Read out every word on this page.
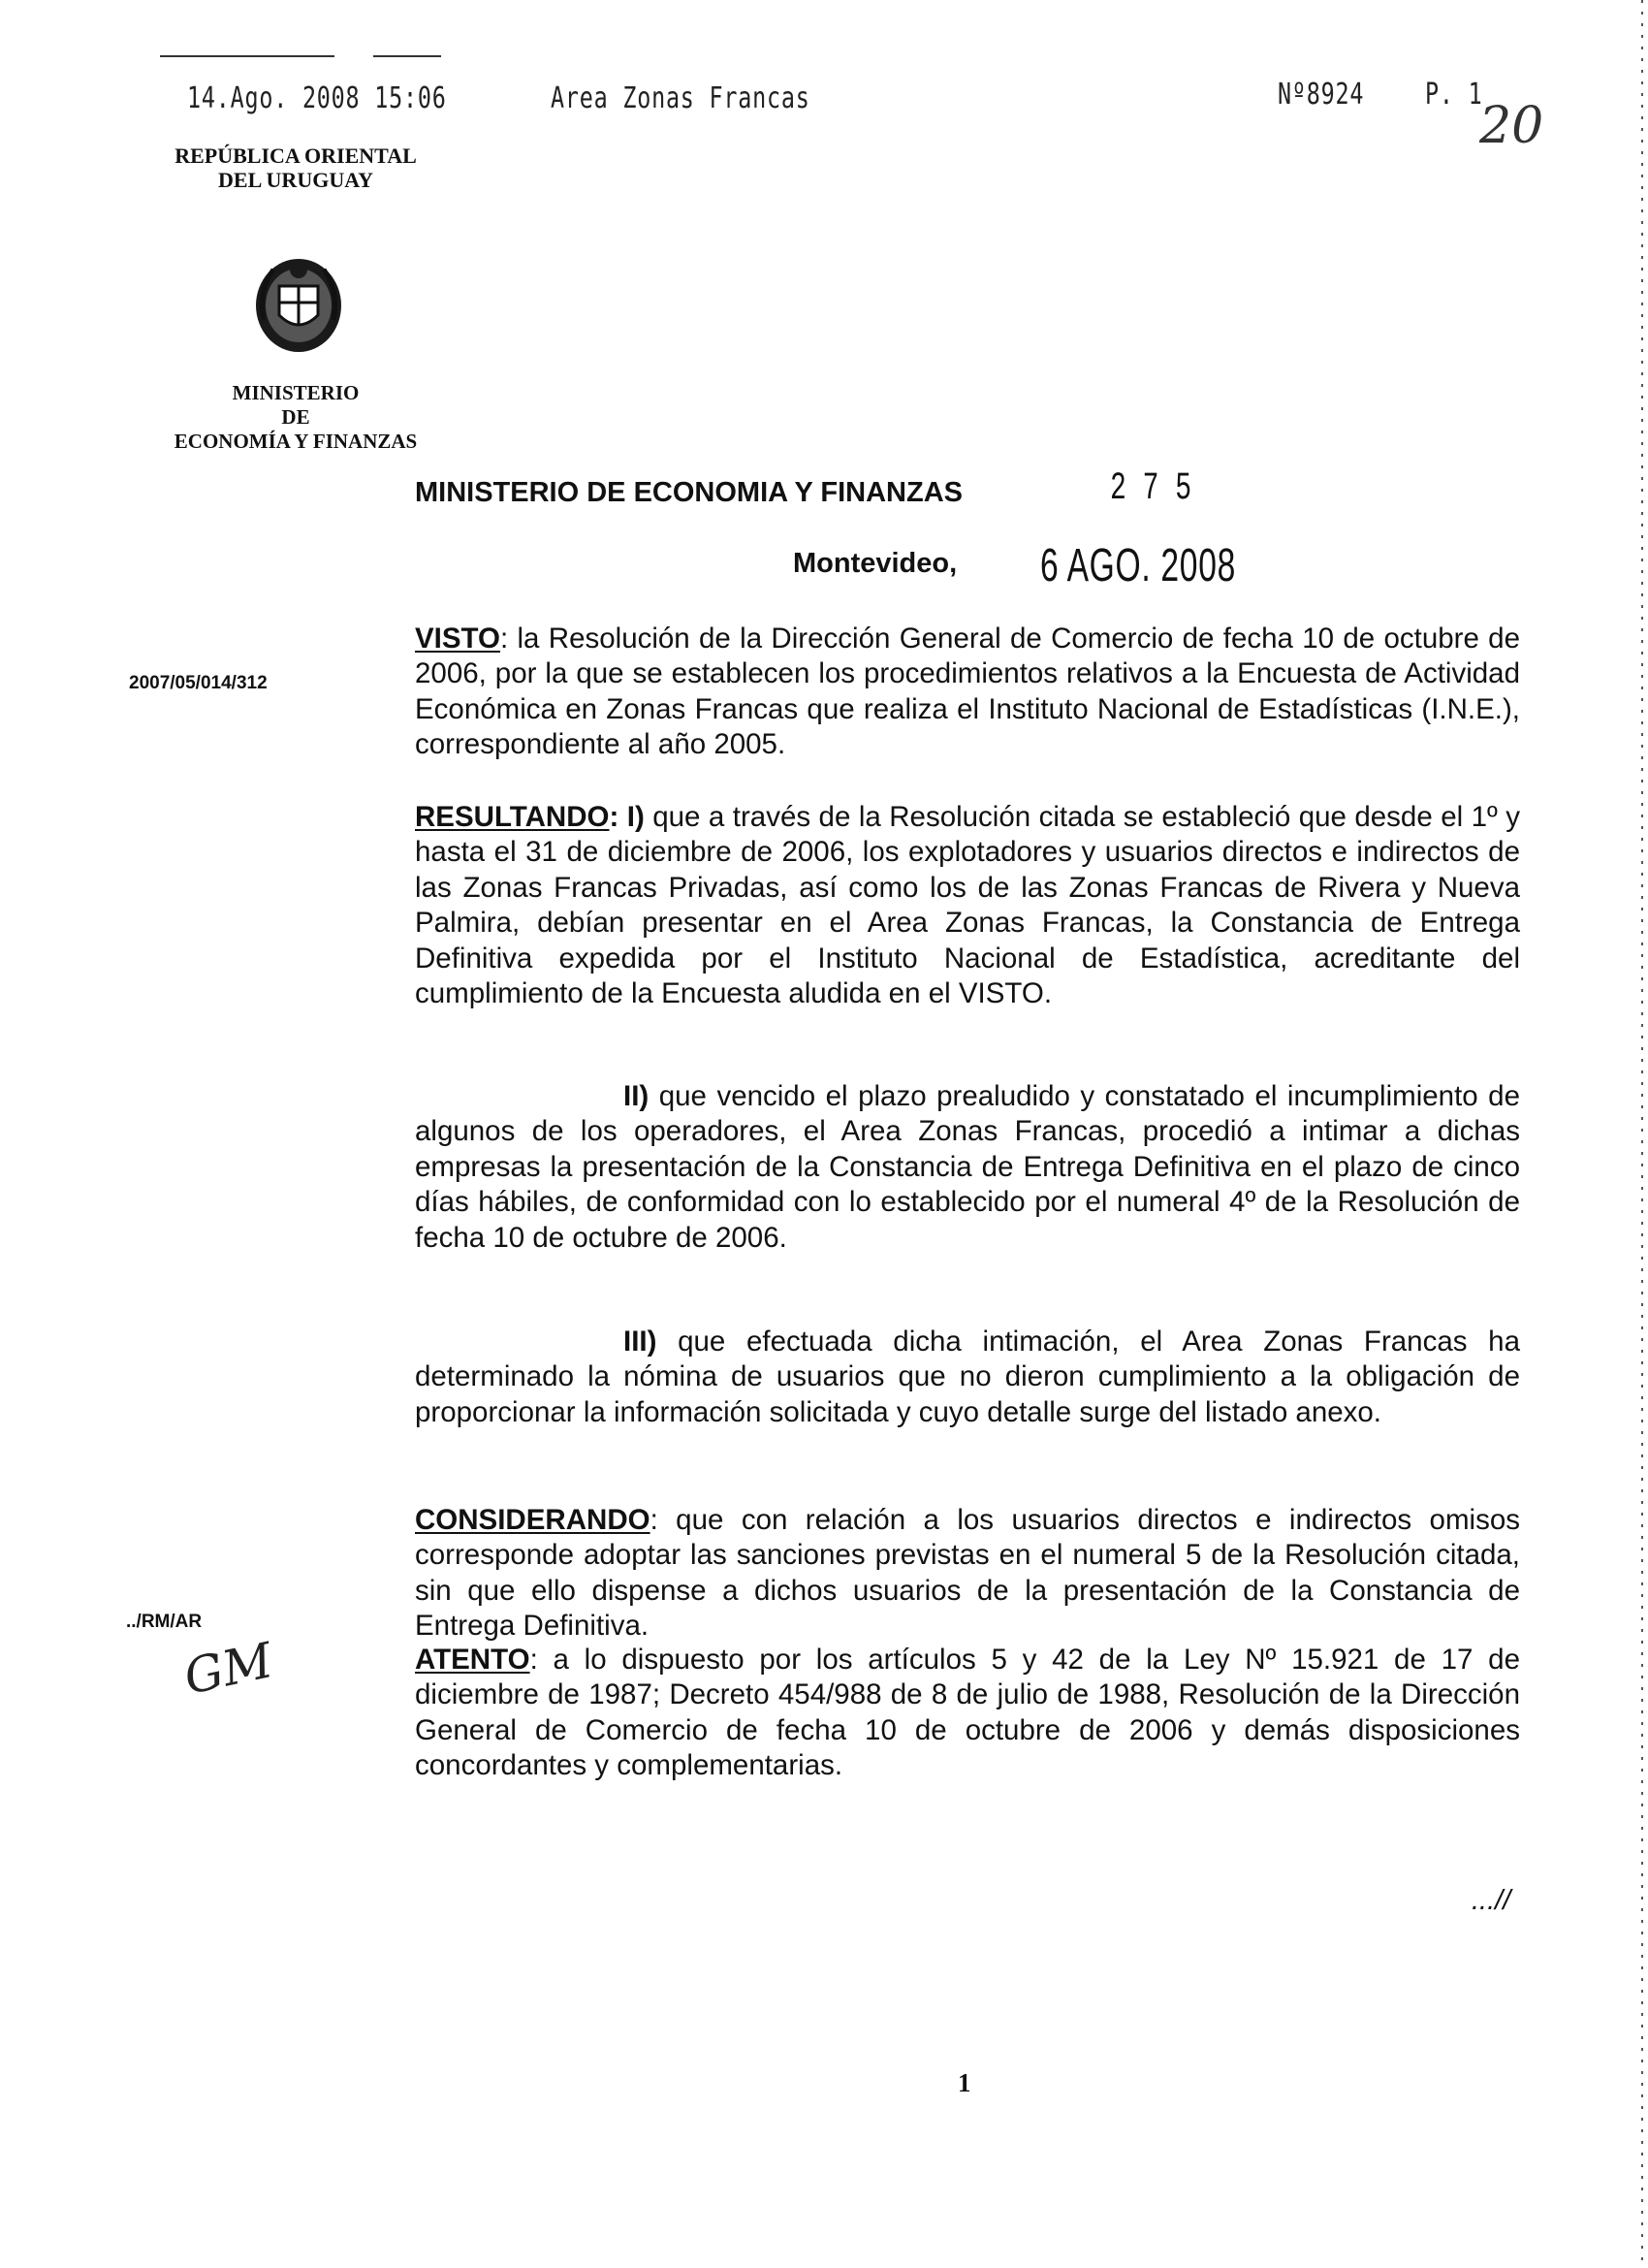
14.Ago. 2008 15:06	Area Zonas Francas	Nº8924 P. 1
20
REPÚBLICA ORIENTAL
DEL URUGUAY
MINISTERIO
DE
ECONOMÍA Y FINANZAS
MINISTERIO DE ECONOMIA Y FINANZAS	2 7 5
Montevideo, 6 AGO. 2008
2007/05/014/312
../RM/AR
GM

VISTO: la Resolución de la Dirección General de Comercio de fecha 10 de octubre de 2006, por la que se establecen los procedimientos relativos a la Encuesta de Actividad Económica en Zonas Francas que realiza el Instituto Nacional de Estadísticas (I.N.E.), correspondiente al año 2005.

RESULTANDO: I) que a través de la Resolución citada se estableció que desde el 1º y hasta el 31 de diciembre de 2006, los explotadores y usuarios directos e indirectos de las Zonas Francas Privadas, así como los de las Zonas Francas de Rivera y Nueva Palmira, debían presentar en el Area Zonas Francas, la Constancia de Entrega Definitiva expedida por el Instituto Nacional de Estadística, acreditante del cumplimiento de la Encuesta aludida en el VISTO.

II) que vencido el plazo prealudido y constatado el incumplimiento de algunos de los operadores, el Area Zonas Francas, procedió a intimar a dichas empresas la presentación de la Constancia de Entrega Definitiva en el plazo de cinco días hábiles, de conformidad con lo establecido por el numeral 4º de la Resolución de fecha 10 de octubre de 2006.

III) que efectuada dicha intimación, el Area Zonas Francas ha determinado la nómina de usuarios que no dieron cumplimiento a la obligación de proporcionar la información solicitada y cuyo detalle surge del listado anexo.

CONSIDERANDO: que con relación a los usuarios directos e indirectos omisos corresponde adoptar las sanciones previstas en el numeral 5 de la Resolución citada, sin que ello dispense a dichos usuarios de la presentación de la Constancia de Entrega Definitiva.

ATENTO: a lo dispuesto por los artículos 5 y 42 de la Ley Nº 15.921 de 17 de diciembre de 1987; Decreto 454/988 de 8 de julio de 1988, Resolución de la Dirección General de Comercio de fecha 10 de octubre de 2006 y demás disposiciones concordantes y complementarias.

...//
1
